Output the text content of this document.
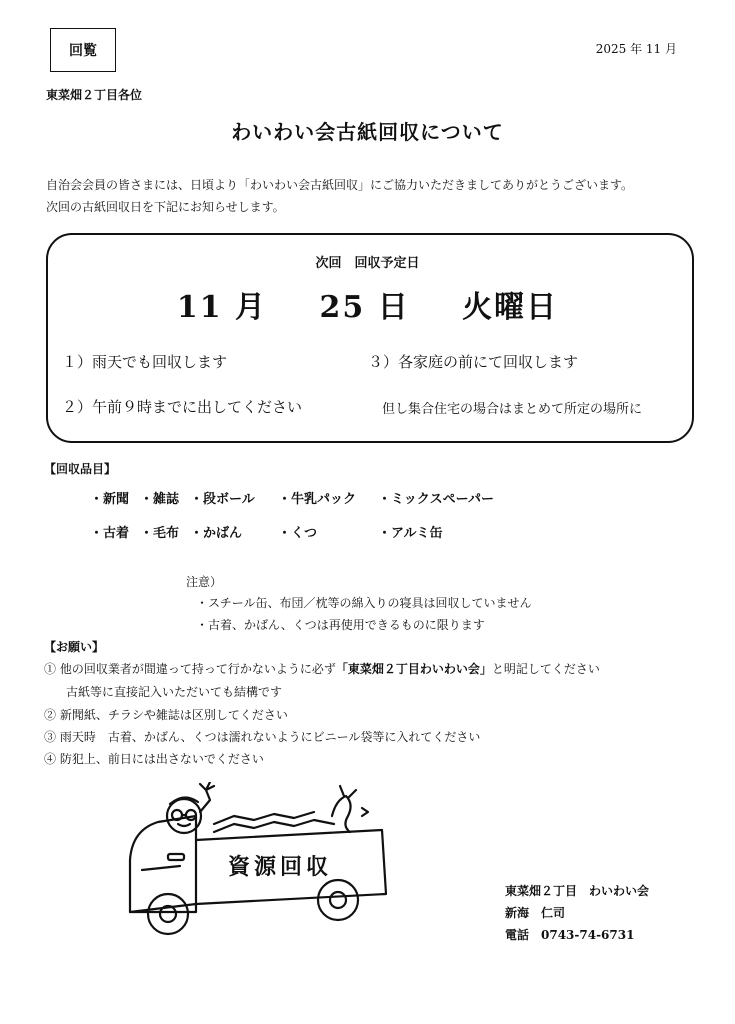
回覧	2025 年 11 月
東菜畑２丁目各位
わいわい会古紙回収について
自治会会員の皆さまには、日頃より「わいわい会古紙回収」にご協力いただきましてありがとうございます。
次回の古紙回収日を下記にお知らせします。
次回　回収予定日
11 月 25 日 火曜日
１）雨天でも回収します	３）各家庭の前にて回収します
２）午前９時までに出してください	但し集合住宅の場合はまとめて所定の場所に
【回収品目】
・新聞 ・雑誌 ・段ボール ・牛乳パック ・ミックスペーパー
・古着 ・毛布 ・かばん	・くつ	・アルミ缶
注意）
・スチール缶、布団／枕等の綿入りの寝具は回収していません
・古着、かばん、くつは再使用できるものに限ります
【お願い】
① 他の回収業者が間違って持って行かないように必ず「東菜畑２丁目わいわい会」と明記してください
古紙等に直接記入いただいても結構です
② 新聞紙、チラシや雑誌は区別してください
③ 雨天時　古着、かばん、くつは濡れないようにビニール袋等に入れてください
④ 防犯上、前日には出さないでください
資源回収
東菜畑２丁目　わいわい会
新海　仁司
電話　0743-74-6731
